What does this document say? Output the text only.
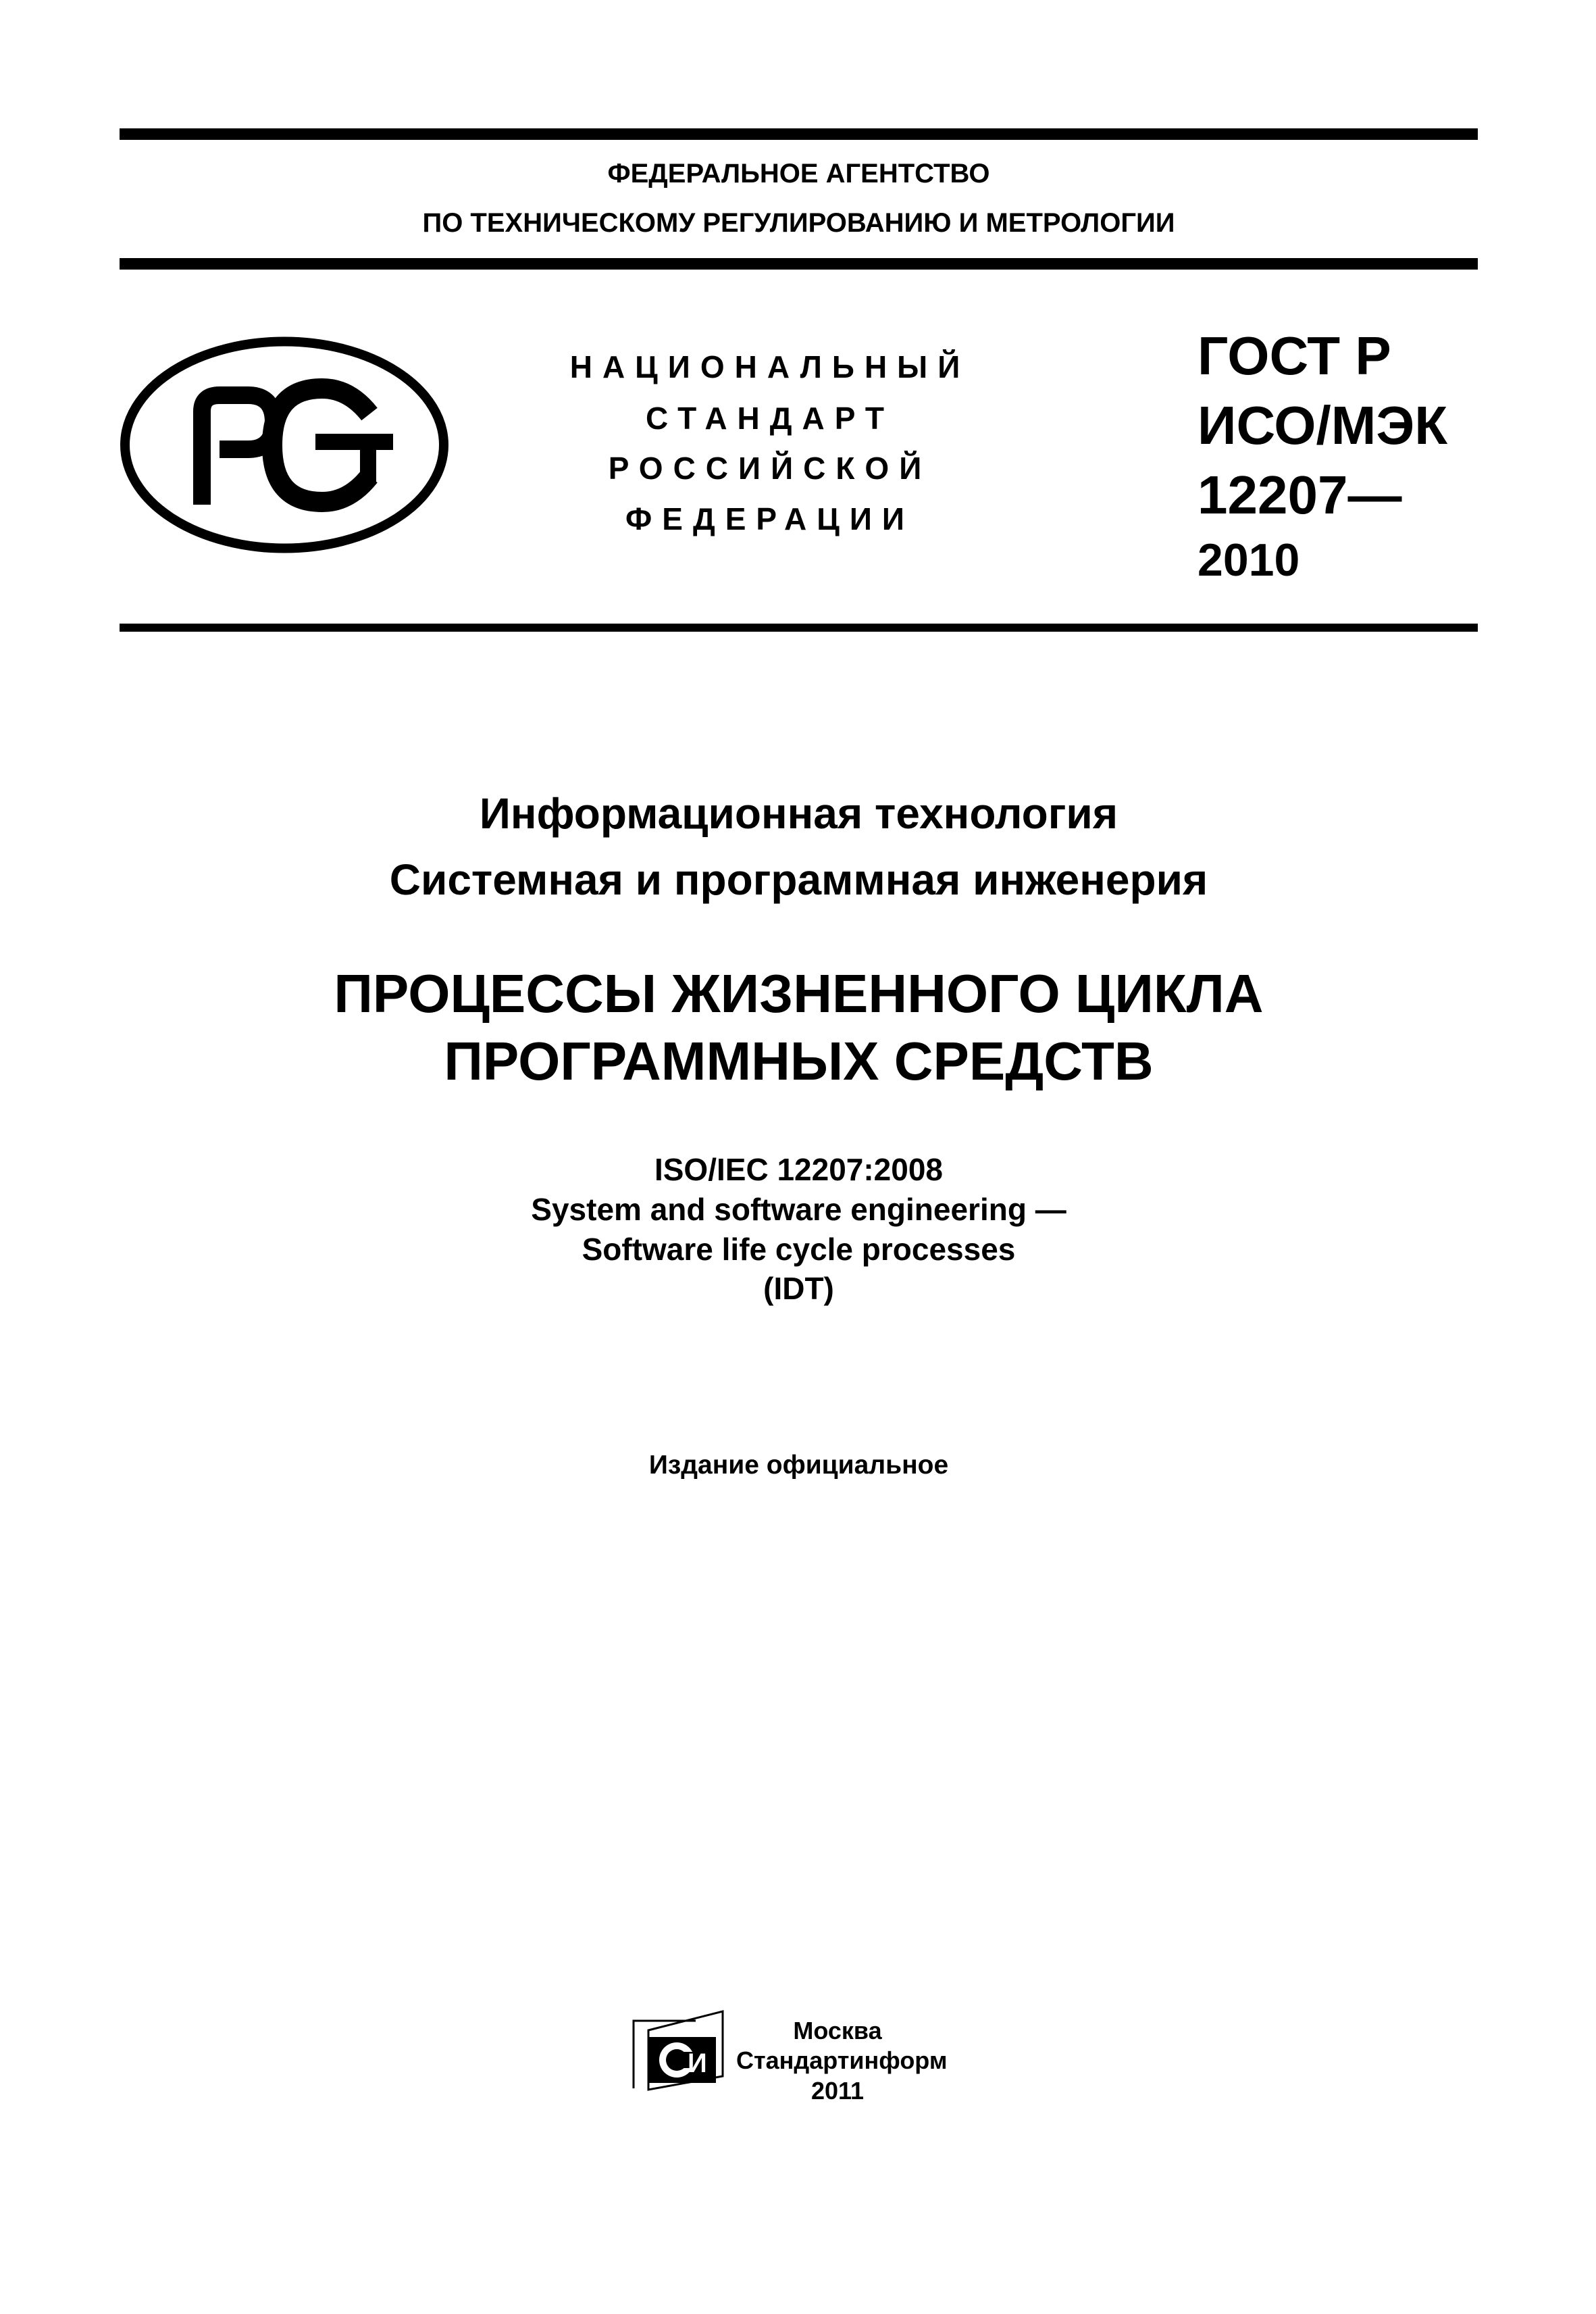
ФЕДЕРАЛЬНОЕ АГЕНТСТВО
ПО ТЕХНИЧЕСКОМУ РЕГУЛИРОВАНИЮ И МЕТРОЛОГИИ
НАЦИОНАЛЬНЫЙ
СТАНДАРТ
РОССИЙСКОЙ
ФЕДЕРАЦИИ
ГОСТ Р
ИСО/МЭК
12207—
2010
Информационная технология
Системная и программная инженерия
ПРОЦЕССЫ ЖИЗНЕННОГО ЦИКЛА
ПРОГРАММНЫХ СРЕДСТВ
ISO/IEC 12207:2008
System and software engineering —
Software life cycle processes
(IDT)
Издание официальное
И
Москва
Стандартинформ
2011
